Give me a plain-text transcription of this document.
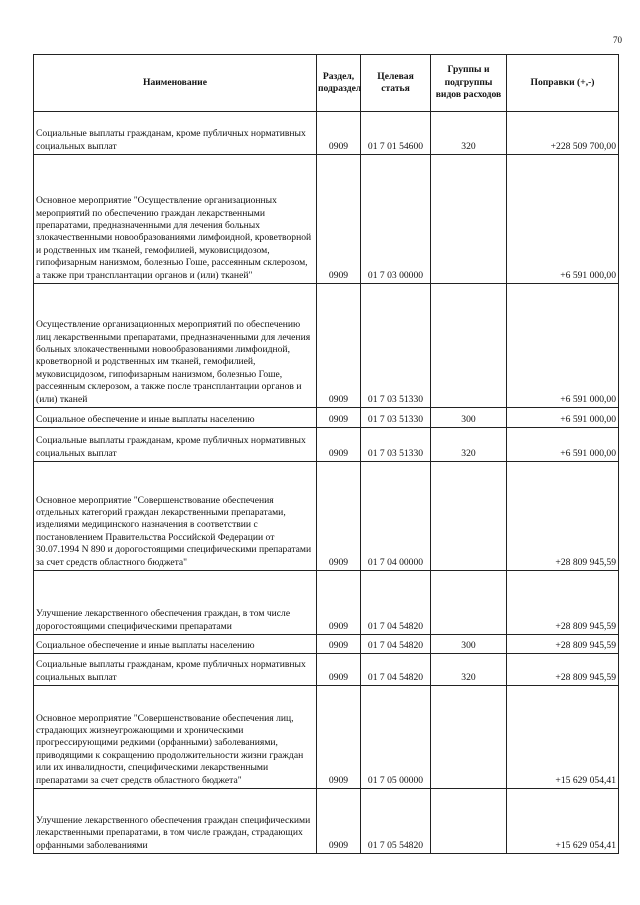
70
Наименование	Раздел, подраздел	Целевая статья	Группы и подгруппы видов расходов	Поправки (+,-)
Социальные выплаты гражданам, кроме публичных нормативных социальных выплат	0909	01 7 01 54600	320	+228 509 700,00
Основное мероприятие "Осуществление организационных мероприятий по обеспечению граждан лекарственными препаратами, предназначенными для лечения больных злокачественными новообразованиями лимфоидной, кроветворной и родственных им тканей, гемофилией, муковисцидозом, гипофизарным нанизмом, болезнью Гоше, рассеянным склерозом, а также при трансплантации органов и (или) тканей"	0909	01 7 03 00000		+6 591 000,00
Осуществление организационных мероприятий по обеспечению лиц лекарственными препаратами, предназначенными для лечения больных злокачественными новообразованиями лимфоидной, кроветворной и родственных им тканей, гемофилией, муковисцидозом, гипофизарным нанизмом, болезнью Гоше, рассеянным склерозом, а также после трансплантации органов и (или) тканей	0909	01 7 03 51330		+6 591 000,00
Социальное обеспечение и иные выплаты населению	0909	01 7 03 51330	300	+6 591 000,00
Социальные выплаты гражданам, кроме публичных нормативных социальных выплат	0909	01 7 03 51330	320	+6 591 000,00
Основное мероприятие "Совершенствование обеспечения отдельных категорий граждан лекарственными препаратами, изделиями медицинского назначения в соответствии с постановлением Правительства Российской Федерации от 30.07.1994 N 890 и дорогостоящими специфическими препаратами за счет средств областного бюджета"	0909	01 7 04 00000		+28 809 945,59
Улучшение лекарственного обеспечения граждан, в том числе дорогостоящими специфическими препаратами	0909	01 7 04 54820		+28 809 945,59
Социальное обеспечение и иные выплаты населению	0909	01 7 04 54820	300	+28 809 945,59
Социальные выплаты гражданам, кроме публичных нормативных социальных выплат	0909	01 7 04 54820	320	+28 809 945,59
Основное мероприятие "Совершенствование обеспечения лиц, страдающих жизнеугрожающими и хроническими прогрессирующими редкими (орфанными) заболеваниями, приводящими к сокращению продолжительности жизни граждан или их инвалидности, специфическими лекарственными препаратами за счет средств областного бюджета"	0909	01 7 05 00000		+15 629 054,41
Улучшение лекарственного обеспечения граждан специфическими лекарственными препаратами, в том числе граждан, страдающих орфанными заболеваниями	0909	01 7 05 54820		+15 629 054,41
